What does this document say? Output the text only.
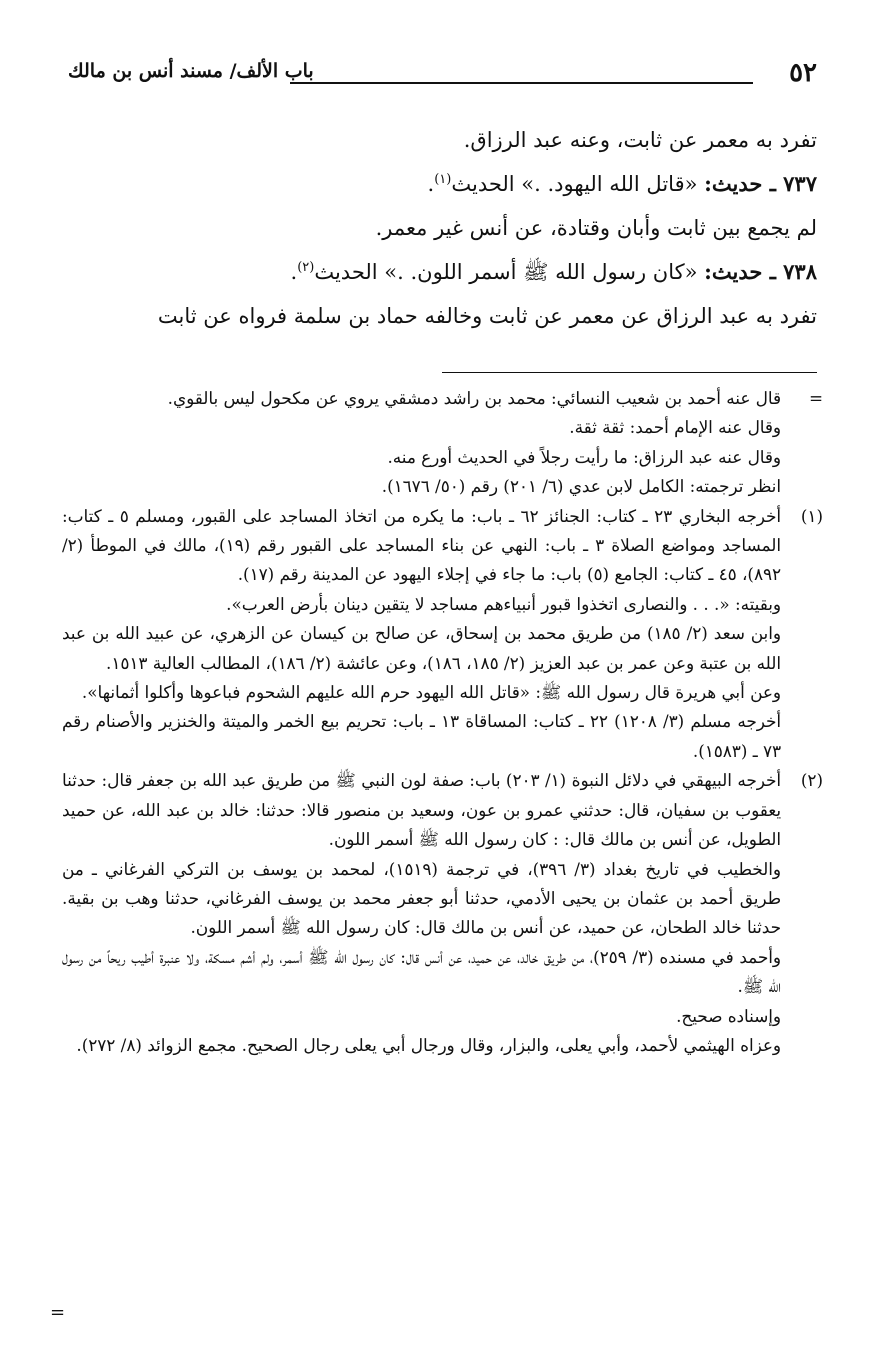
٥٢
باب الألف/ مسند أنس بن مالك

تفرد به معمر عن ثابت، وعنه عبد الرزاق.

٧٣٧ ـ حديث: «قاتل الله اليهود. .» الحديث$^{(١)}$.

لم يجمع بين ثابت وأبان وقتادة، عن أنس غير معمر.

٧٣٨ ـ حديث: «كان رسول الله ﷺ أسمر اللون. .» الحديث$^{(٢)}$.

تفرد به عبد الرزاق عن معمر عن ثابت وخالفه حماد بن سلمة فرواه عن ثابت

=

قال عنه أحمد بن شعيب النسائي: محمد بن راشد دمشقي يروي عن مكحول ليس بالقوي.

وقال عنه الإمام أحمد: ثقة ثقة.

وقال عنه عبد الرزاق: ما رأيت رجلاً في الحديث أورع منه.

انظر ترجمته: الكامل لابن عدي (٦/ ٢٠١) رقم (٥٠/ ١٦٧٦).

(١)

أخرجه البخاري ٢٣ ـ كتاب: الجنائز ٦٢ ـ باب: ما يكره من اتخاذ المساجد على القبور، ومسلم ٥ ـ كتاب: المساجد ومواضع الصلاة ٣ ـ باب: النهي عن بناء المساجد على القبور رقم (١٩)، مالك في الموطأ (٢/ ٨٩٢)، ٤٥ ـ كتاب: الجامع (٥) باب: ما جاء في إجلاء اليهود عن المدينة رقم (١٧).

وبقيته: «. . . والنصارى اتخذوا قبور أنبياءهم مساجد لا يتقين دينان بأرض العرب».

وابن سعد (٢/ ١٨٥) من طريق محمد بن إسحاق، عن صالح بن كيسان عن الزهري، عن عبيد الله بن عبد الله بن عتبة وعن عمر بن عبد العزيز (٢/ ١٨٥، ١٨٦)، وعن عائشة (٢/ ١٨٦)، المطالب العالية ١٥١٣.

وعن أبي هريرة قال رسول الله ﷺ: «قاتل الله اليهود حرم الله عليهم الشحوم فباعوها وأكلوا أثمانها».

أخرجه مسلم (٣/ ١٢٠٨) ٢٢ ـ كتاب: المساقاة ١٣ ـ باب: تحريم بيع الخمر والميتة والخنزير والأصنام رقم ٧٣ ـ (١٥٨٣).

(٢)

أخرجه البيهقي في دلائل النبوة (١/ ٢٠٣) باب: صفة لون النبي ﷺ من طريق عبد الله بن جعفر قال: حدثنا يعقوب بن سفيان، قال: حدثني عمرو بن عون، وسعيد بن منصور قالا: حدثنا: خالد بن عبد الله، عن حميد الطويل، عن أنس بن مالك قال: : كان رسول الله ﷺ أسمر اللون.

والخطيب في تاريخ بغداد (٣/ ٣٩٦)، في ترجمة (١٥١٩)، لمحمد بن يوسف بن التركي الفرغاني ـ من طريق أحمد بن عثمان بن يحيى الأدمي، حدثنا أبو جعفر محمد بن يوسف الفرغاني، حدثنا وهب بن بقية. حدثنا خالد الطحان، عن حميد، عن أنس بن مالك قال: كان رسول الله ﷺ أسمر اللون.

وأحمد في مسنده (٣/ ٢٥٩)، من طريق خالد، عن حميد، عن أنس قال: كان رسول الله ﷺ أسمر، ولم أشم مسكة، ولا عنبرة أطيب ريحاً من رسول الله ﷺ.

وإسناده صحيح.

وعزاه الهيثمي لأحمد، وأبي يعلى، والبزار، وقال ورجال أبي يعلى رجال الصحيح. مجمع الزوائد (٨/ ٢٧٢).

=
